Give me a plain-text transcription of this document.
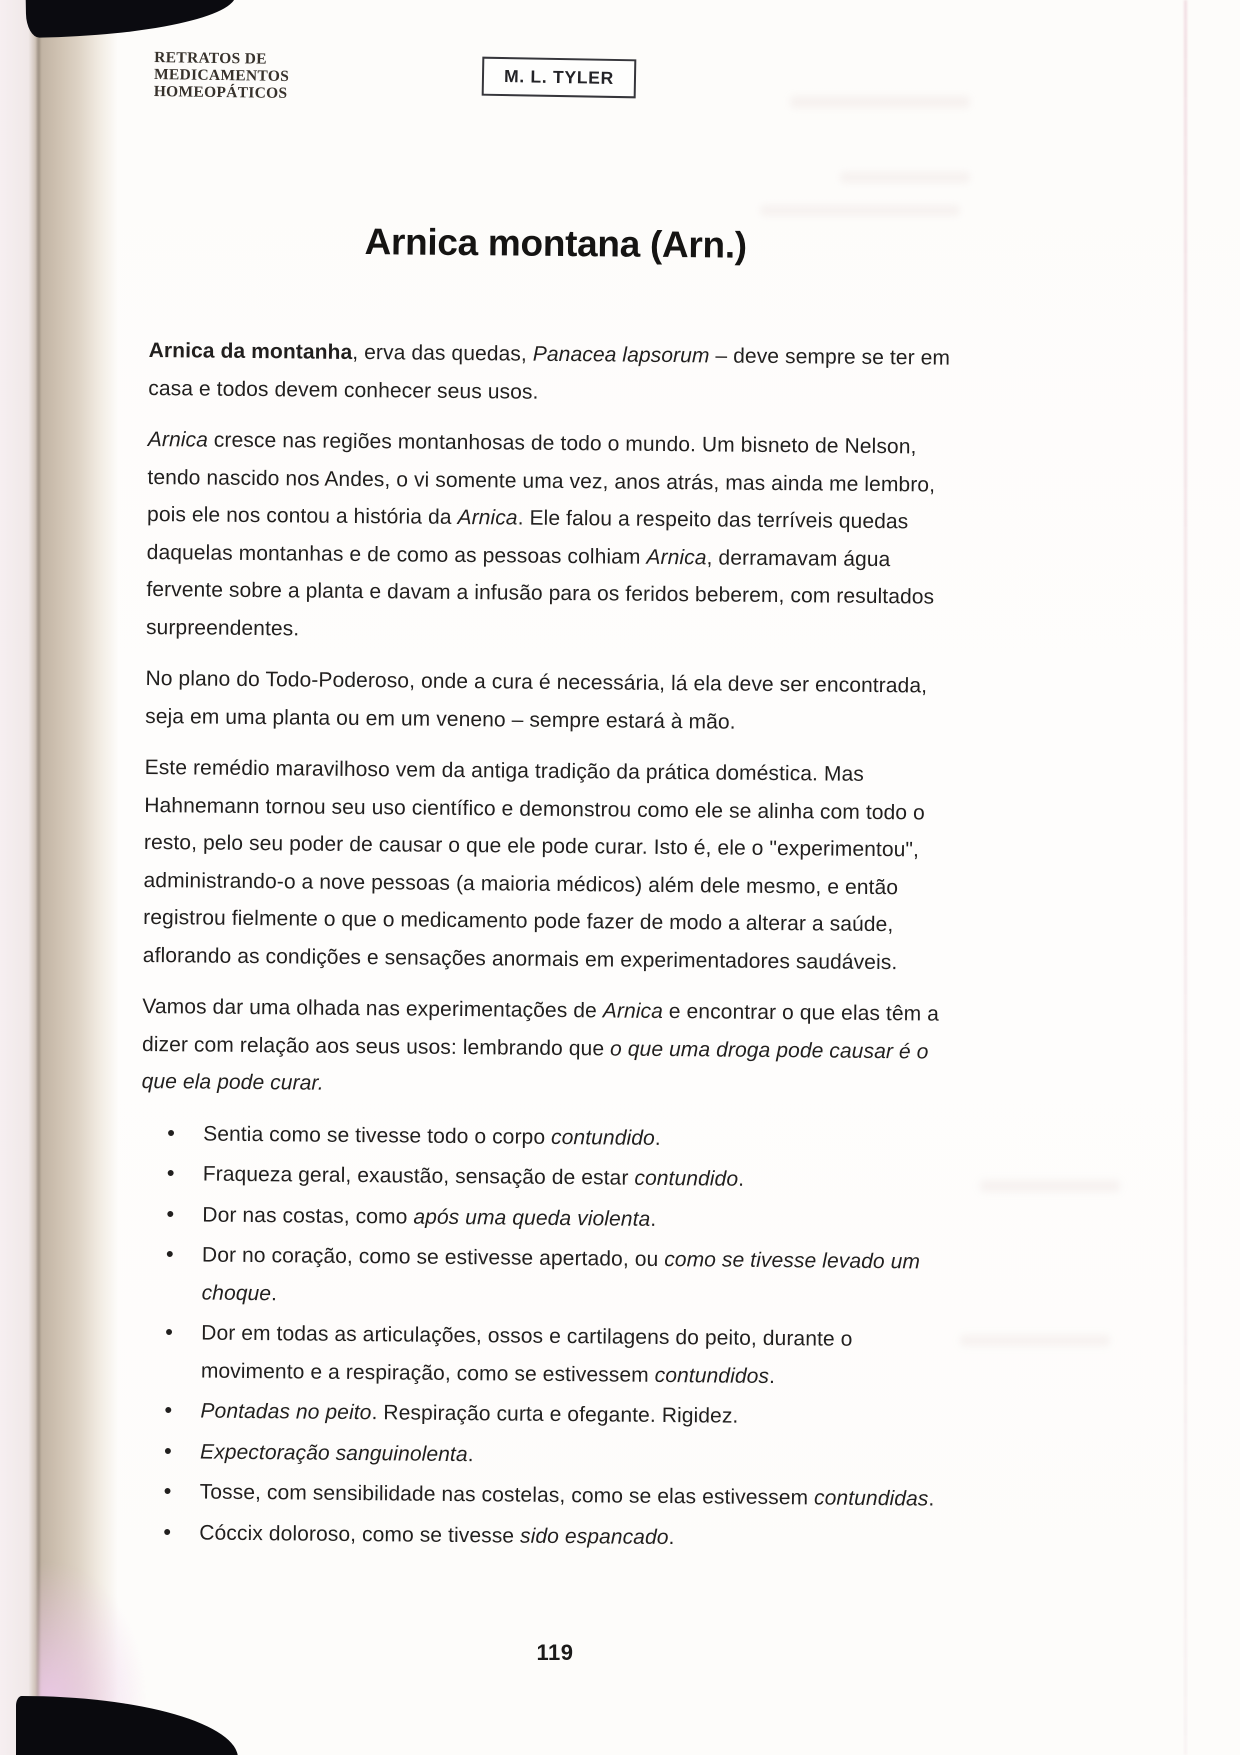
RETRATOS DE
MEDICAMENTOS
HOMEOPÁTICOS
M. L. TYLER
Arnica montana (Arn.)

Arnica da montanha, erva das quedas, Panacea lapsorum – deve sempre se ter em casa e todos devem conhecer seus usos.

Arnica cresce nas regiões montanhosas de todo o mundo. Um bisneto de Nelson, tendo nascido nos Andes, o vi somente uma vez, anos atrás, mas ainda me lembro, pois ele nos contou a história da Arnica. Ele falou a respeito das terríveis quedas daquelas montanhas e de como as pessoas colhiam Arnica, derramavam água fervente sobre a planta e davam a infusão para os feridos beberem, com resultados surpreendentes.

No plano do Todo-Poderoso, onde a cura é necessária, lá ela deve ser encontrada, seja em uma planta ou em um veneno – sempre estará à mão.

Este remédio maravilhoso vem da antiga tradição da prática doméstica. Mas Hahnemann tornou seu uso científico e demonstrou como ele se alinha com todo o resto, pelo seu poder de causar o que ele pode curar. Isto é, ele o "experimentou", administrando-o a nove pessoas (a maioria médicos) além dele mesmo, e então registrou fielmente o que o medicamento pode fazer de modo a alterar a saúde, aflorando as condições e sensações anormais em experimentadores saudáveis.

Vamos dar uma olhada nas experimentações de Arnica e encontrar o que elas têm a dizer com relação aos seus usos: lembrando que o que uma droga pode causar é o que ela pode curar.

• Sentia como se tivesse todo o corpo contundido.
• Fraqueza geral, exaustão, sensação de estar contundido.
• Dor nas costas, como após uma queda violenta.
• Dor no coração, como se estivesse apertado, ou como se tivesse levado um choque.
• Dor em todas as articulações, ossos e cartilagens do peito, durante o movimento e a respiração, como se estivessem contundidos.
• Pontadas no peito. Respiração curta e ofegante. Rigidez.
• Expectoração sanguinolenta.
• Tosse, com sensibilidade nas costelas, como se elas estivessem contundidas.
• Cóccix doloroso, como se tivesse sido espancado.
119
